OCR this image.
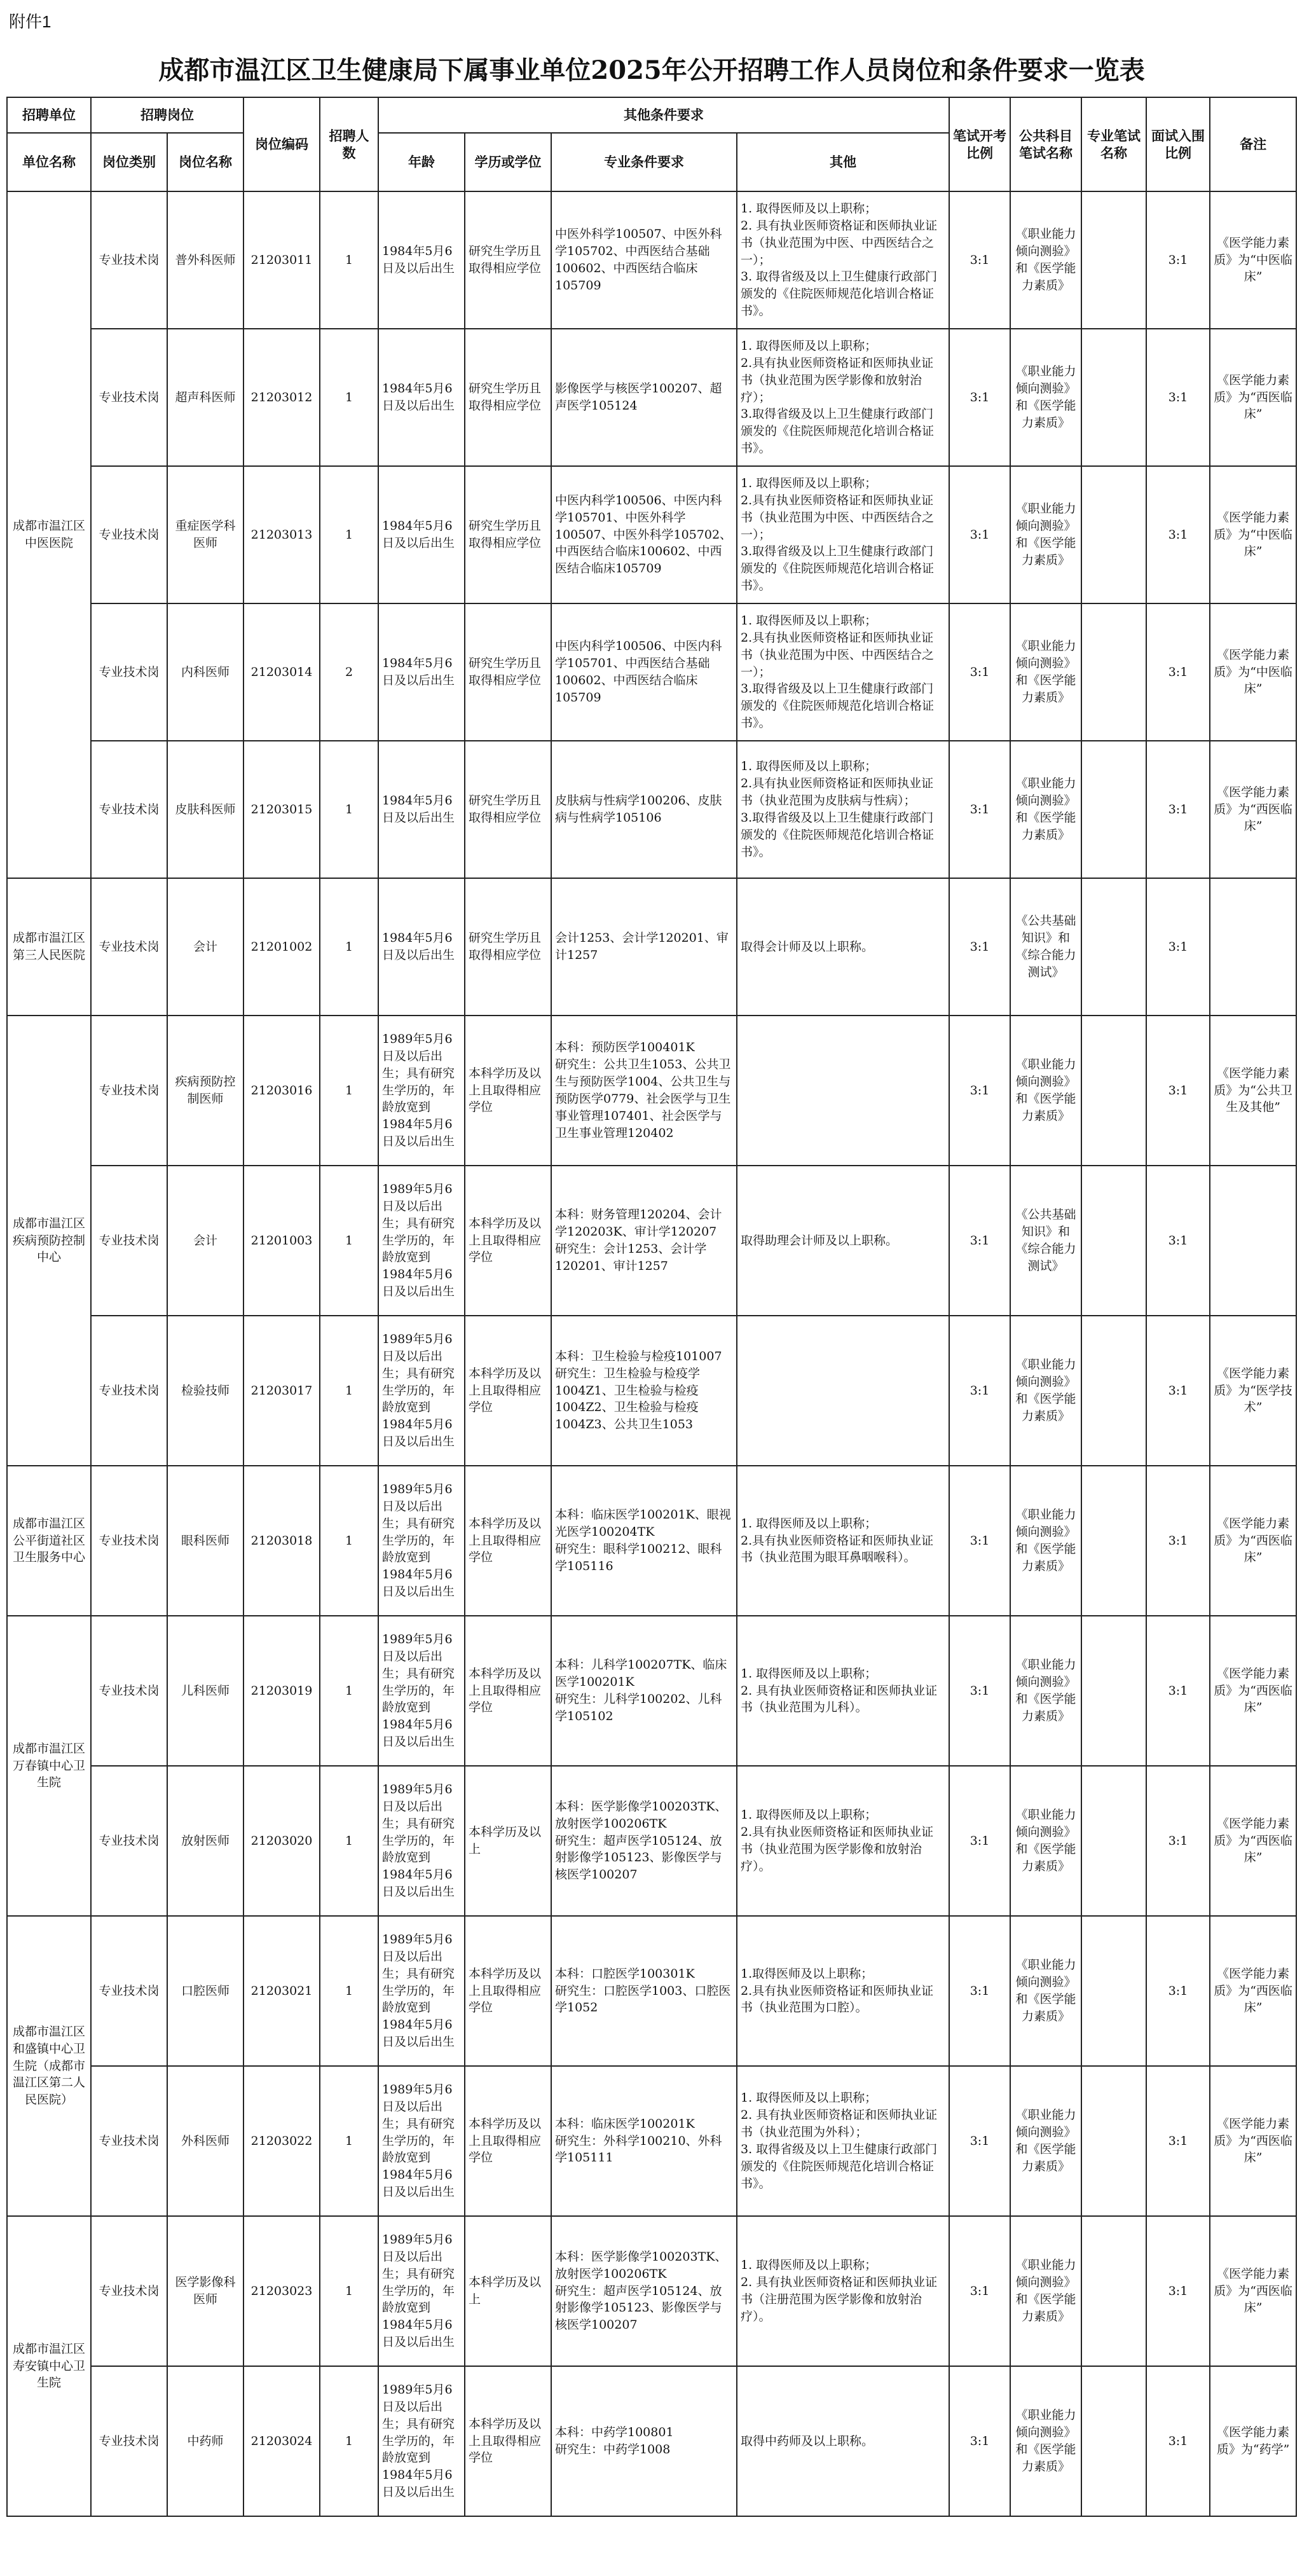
附件1
成都市温江区卫生健康局下属事业单位2025年公开招聘工作人员岗位和条件要求一览表													
招聘单位	招聘岗位		岗位编码	招聘人数	其他条件要求				笔试开考比例	公共科目笔试名称	专业笔试名称	面试入围比例	备注
单位名称	岗位类别	岗位名称			年龄	学历或学位	专业条件要求	其他					
成都市温江区中医医院	专业技术岗	普外科医师	21203011	1	1984年5月6日及以后出生	研究生学历且取得相应学位	中医外科学100507、中医外科学105702、中西医结合基础100602、中西医结合临床105709	1. 取得医师及以上职称；
2. 具有执业医师资格证和医师执业证书（执业范围为中医、中西医结合之一）；
3. 取得省级及以上卫生健康行政部门颁发的《住院医师规范化培训合格证书》。	3:1	《职业能力倾向测验》和《医学能力素质》		3:1	《医学能力素质》为“中医临床”
	专业技术岗	超声科医师	21203012	1	1984年5月6日及以后出生	研究生学历且取得相应学位	影像医学与核医学100207、超声医学105124	1. 取得医师及以上职称；
2.具有执业医师资格证和医师执业证书（执业范围为医学影像和放射治疗）；
3.取得省级及以上卫生健康行政部门颁发的《住院医师规范化培训合格证书》。	3:1	《职业能力倾向测验》和《医学能力素质》		3:1	《医学能力素质》为“西医临床”
	专业技术岗	重症医学科医师	21203013	1	1984年5月6日及以后出生	研究生学历且取得相应学位	中医内科学100506、中医内科学105701、中医外科学100507、中医外科学105702、中西医结合临床100602、中西医结合临床105709	1. 取得医师及以上职称；
2.具有执业医师资格证和医师执业证书（执业范围为中医、中西医结合之一）；
3.取得省级及以上卫生健康行政部门颁发的《住院医师规范化培训合格证书》。	3:1	《职业能力倾向测验》和《医学能力素质》		3:1	《医学能力素质》为“中医临床”
	专业技术岗	内科医师	21203014	2	1984年5月6日及以后出生	研究生学历且取得相应学位	中医内科学100506、中医内科学105701、中西医结合基础100602、中西医结合临床105709	1. 取得医师及以上职称；
2.具有执业医师资格证和医师执业证书（执业范围为中医、中西医结合之一）；
3.取得省级及以上卫生健康行政部门颁发的《住院医师规范化培训合格证书》。	3:1	《职业能力倾向测验》和《医学能力素质》		3:1	《医学能力素质》为“中医临床”
	专业技术岗	皮肤科医师	21203015	1	1984年5月6日及以后出生	研究生学历且取得相应学位	皮肤病与性病学100206、皮肤病与性病学105106	1. 取得医师及以上职称；
2.具有执业医师资格证和医师执业证书（执业范围为皮肤病与性病）；
3.取得省级及以上卫生健康行政部门颁发的《住院医师规范化培训合格证书》。	3:1	《职业能力倾向测验》和《医学能力素质》		3:1	《医学能力素质》为“西医临床”
成都市温江区第三人民医院	专业技术岗	会计	21201002	1	1984年5月6日及以后出生	研究生学历且取得相应学位	会计1253、会计学120201、审计1257	取得会计师及以上职称。	3:1	《公共基础知识》和《综合能力测试》		3:1	
成都市温江区疾病预防控制中心	专业技术岗	疾病预防控制医师	21203016	1	1989年5月6日及以后出生；具有研究生学历的，年龄放宽到1984年5月6日及以后出生	本科学历及以上且取得相应学位	本科：预防医学100401K
研究生：公共卫生1053、公共卫生与预防医学1004、公共卫生与预防医学0779、社会医学与卫生事业管理107401、社会医学与卫生事业管理120402		3:1	《职业能力倾向测验》和《医学能力素质》		3:1	《医学能力素质》为“公共卫生及其他”
	专业技术岗	会计	21201003	1	1989年5月6日及以后出生；具有研究生学历的，年龄放宽到1984年5月6日及以后出生	本科学历及以上且取得相应学位	本科：财务管理120204、会计学120203K、审计学120207
研究生：会计1253、会计学120201、审计1257	取得助理会计师及以上职称。	3:1	《公共基础知识》和《综合能力测试》		3:1	
	专业技术岗	检验技师	21203017	1	1989年5月6日及以后出生；具有研究生学历的，年龄放宽到1984年5月6日及以后出生	本科学历及以上且取得相应学位	本科：卫生检验与检疫101007
研究生：卫生检验与检疫学1004Z1、卫生检验与检疫1004Z2、卫生检验与检疫1004Z3、公共卫生1053		3:1	《职业能力倾向测验》和《医学能力素质》		3:1	《医学能力素质》为“医学技术”
成都市温江区公平街道社区卫生服务中心	专业技术岗	眼科医师	21203018	1	1989年5月6日及以后出生；具有研究生学历的，年龄放宽到1984年5月6日及以后出生	本科学历及以上且取得相应学位	本科：临床医学100201K、眼视光医学100204TK
研究生：眼科学100212、眼科学105116	1. 取得医师及以上职称；
2.具有执业医师资格证和医师执业证书（执业范围为眼耳鼻咽喉科）。	3:1	《职业能力倾向测验》和《医学能力素质》		3:1	《医学能力素质》为“西医临床”
成都市温江区万春镇中心卫生院	专业技术岗	儿科医师	21203019	1	1989年5月6日及以后出生；具有研究生学历的，年龄放宽到1984年5月6日及以后出生	本科学历及以上且取得相应学位	本科：儿科学100207TK、临床医学100201K
研究生：儿科学100202、儿科学105102	1. 取得医师及以上职称；
2. 具有执业医师资格证和医师执业证书（执业范围为儿科）。	3:1	《职业能力倾向测验》和《医学能力素质》		3:1	《医学能力素质》为“西医临床”
	专业技术岗	放射医师	21203020	1	1989年5月6日及以后出生；具有研究生学历的，年龄放宽到1984年5月6日及以后出生	本科学历及以上	本科：医学影像学100203TK、放射医学100206TK
研究生：超声医学105124、放射影像学105123、影像医学与核医学100207	1. 取得医师及以上职称；
2.具有执业医师资格证和医师执业证书（执业范围为医学影像和放射治疗）。	3:1	《职业能力倾向测验》和《医学能力素质》		3:1	《医学能力素质》为“西医临床”
成都市温江区和盛镇中心卫生院（成都市温江区第二人民医院）	专业技术岗	口腔医师	21203021	1	1989年5月6日及以后出生；具有研究生学历的，年龄放宽到1984年5月6日及以后出生	本科学历及以上且取得相应学位	本科：口腔医学100301K
研究生：口腔医学1003、口腔医学1052	1.取得医师及以上职称；
2.具有执业医师资格证和医师执业证书（执业范围为口腔）。	3:1	《职业能力倾向测验》和《医学能力素质》		3:1	《医学能力素质》为“西医临床”
	专业技术岗	外科医师	21203022	1	1989年5月6日及以后出生；具有研究生学历的，年龄放宽到1984年5月6日及以后出生	本科学历及以上且取得相应学位	本科：临床医学100201K
研究生：外科学100210、外科学105111	1. 取得医师及以上职称；
2. 具有执业医师资格证和医师执业证书（执业范围为外科）；
3. 取得省级及以上卫生健康行政部门颁发的《住院医师规范化培训合格证书》。	3:1	《职业能力倾向测验》和《医学能力素质》		3:1	《医学能力素质》为“西医临床”
成都市温江区寿安镇中心卫生院	专业技术岗	医学影像科医师	21203023	1	1989年5月6日及以后出生；具有研究生学历的，年龄放宽到1984年5月6日及以后出生	本科学历及以上	本科：医学影像学100203TK、放射医学100206TK
研究生：超声医学105124、放射影像学105123、影像医学与核医学100207	1. 取得医师及以上职称；
2. 具有执业医师资格证和医师执业证书（注册范围为医学影像和放射治疗）。	3:1	《职业能力倾向测验》和《医学能力素质》		3:1	《医学能力素质》为“西医临床”
	专业技术岗	中药师	21203024	1	1989年5月6日及以后出生；具有研究生学历的，年龄放宽到1984年5月6日及以后出生	本科学历及以上且取得相应学位	本科：中药学100801
研究生：中药学1008	取得中药师及以上职称。	3:1	《职业能力倾向测验》和《医学能力素质》		3:1	《医学能力素质》为“药学”
